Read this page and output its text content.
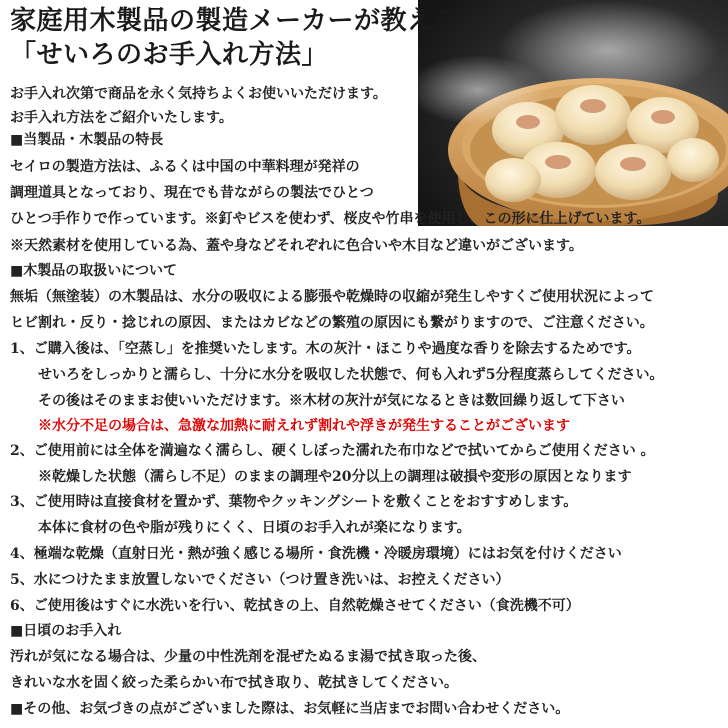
家庭用木製品の製造メーカーが教える
「せいろのお手入れ方法」
お手入れ次第で商品を永く気持ちよくお使いいただけます。
お手入れ方法をご紹介いたします。
■当製品・木製品の特長
セイロの製造方法は、ふるくは中国の中華料理が発祥の
調理道具となっており、現在でも昔ながらの製法でひとつ
ひとつ手作りで作っています。※釘やビスを使わず、桜皮や竹串を使用し、この形に仕上げています。
※天然素材を使用している為、蓋や身などそれぞれに色合いや木目など違いがございます。
■木製品の取扱いについて
無垢（無塗装）の木製品は、水分の吸収による膨張や乾燥時の収縮が発生しやすくご使用状況によって
ヒビ割れ・反り・捻じれの原因、またはカビなどの繁殖の原因にも繋がりますので、ご注意ください。
1、ご購入後は、「空蒸し」を推奨いたします。木の灰汁・ほこりや過度な香りを除去するためです。
せいろをしっかりと濡らし、十分に水分を吸収した状態で、何も入れず5分程度蒸らしてください。
その後はそのままお使いいただけます。※木材の灰汁が気になるときは数回繰り返して下さい
※水分不足の場合は、急激な加熱に耐えれず割れや浮きが発生することがございます
2、ご使用前には全体を満遍なく濡らし、硬くしぼった濡れた布巾などで拭いてからご使用ください 。
※乾燥した状態（濡らし不足）のままの調理や20分以上の調理は破損や変形の原因となります
3、ご使用時は直接食材を置かず、葉物やクッキングシートを敷くことをおすすめします。
本体に食材の色や脂が残りにくく、日頃のお手入れが楽になります。
4、極端な乾燥（直射日光・熱が強く感じる場所・食洗機・冷暖房環境）にはお気を付けください
5、水につけたまま放置しないでください（つけ置き洗いは、お控えください）
6、ご使用後はすぐに水洗いを行い、乾拭きの上、自然乾燥させてください（食洗機不可）
■日頃のお手入れ
汚れが気になる場合は、少量の中性洗剤を混ぜたぬるま湯で拭き取った後、
きれいな水を固く絞った柔らかい布で拭き取り、乾拭きしてください。
■その他、お気づきの点がございました際は、お気軽に当店までお問い合わせください。
